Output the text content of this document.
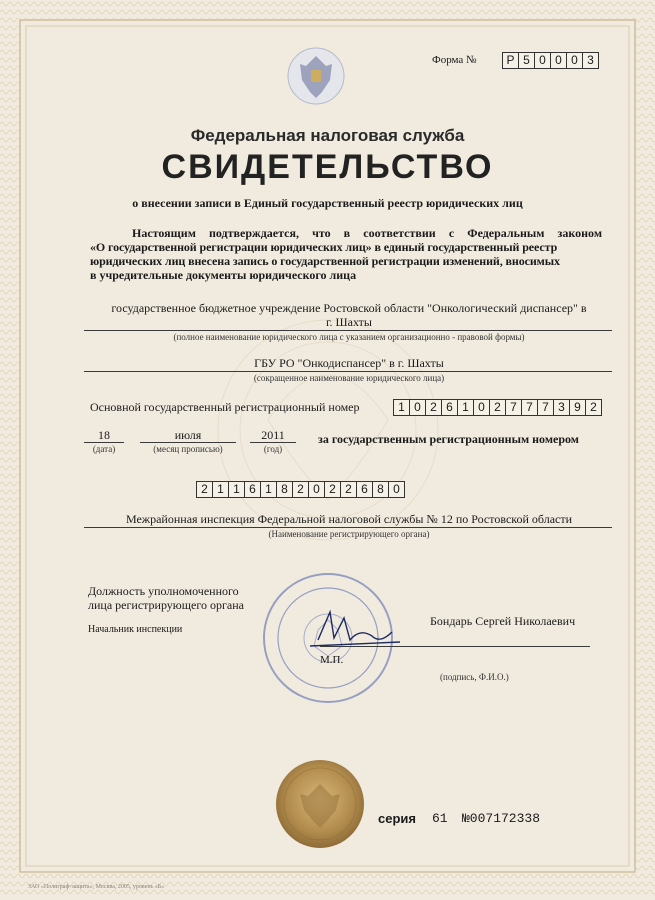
Форма № Р 5 0 0 0 3
Федеральная налоговая служба
СВИДЕТЕЛЬСТВО
о внесении записи в Единый государственный реестр юридических лиц
Настоящим подтверждается, что в соответствии с Федеральным законом
«О государственной регистрации юридических лиц» в единый государственный реестр
юридических лиц внесена запись о государственной регистрации изменений, вносимых
в учредительные документы юридического лица
государственное бюджетное учреждение Ростовской области "Онкологический диспансер" в
г. Шахты
(полное наименование юридического лица с указанием организационно - правовой формы)
ГБУ РО "Онкодиспансер" в г. Шахты
(сокращенное наименование юридического лица)
Основной государственный регистрационный номер	1 0 2 6 1 0 2 7 7 7 3 9 2
18
(дата)
июля
(месяц прописью)
2011
(год)
за государственным регистрационным номером
2 1 1 6 1 8 2 0 2 2 6 8 0
Межрайонная инспекция Федеральной налоговой службы № 12 по Ростовской области
(Наименование регистрирующего органа)
Должность уполномоченного
лица регистрирующего органа
Начальник инспекции
Бондарь Сергей Николаевич
М.П.
(подпись, Ф.И.О.)
серия 61 №007172338
ЗАО «Полиграф-защита», Москва, 2005, уровень «Б»
